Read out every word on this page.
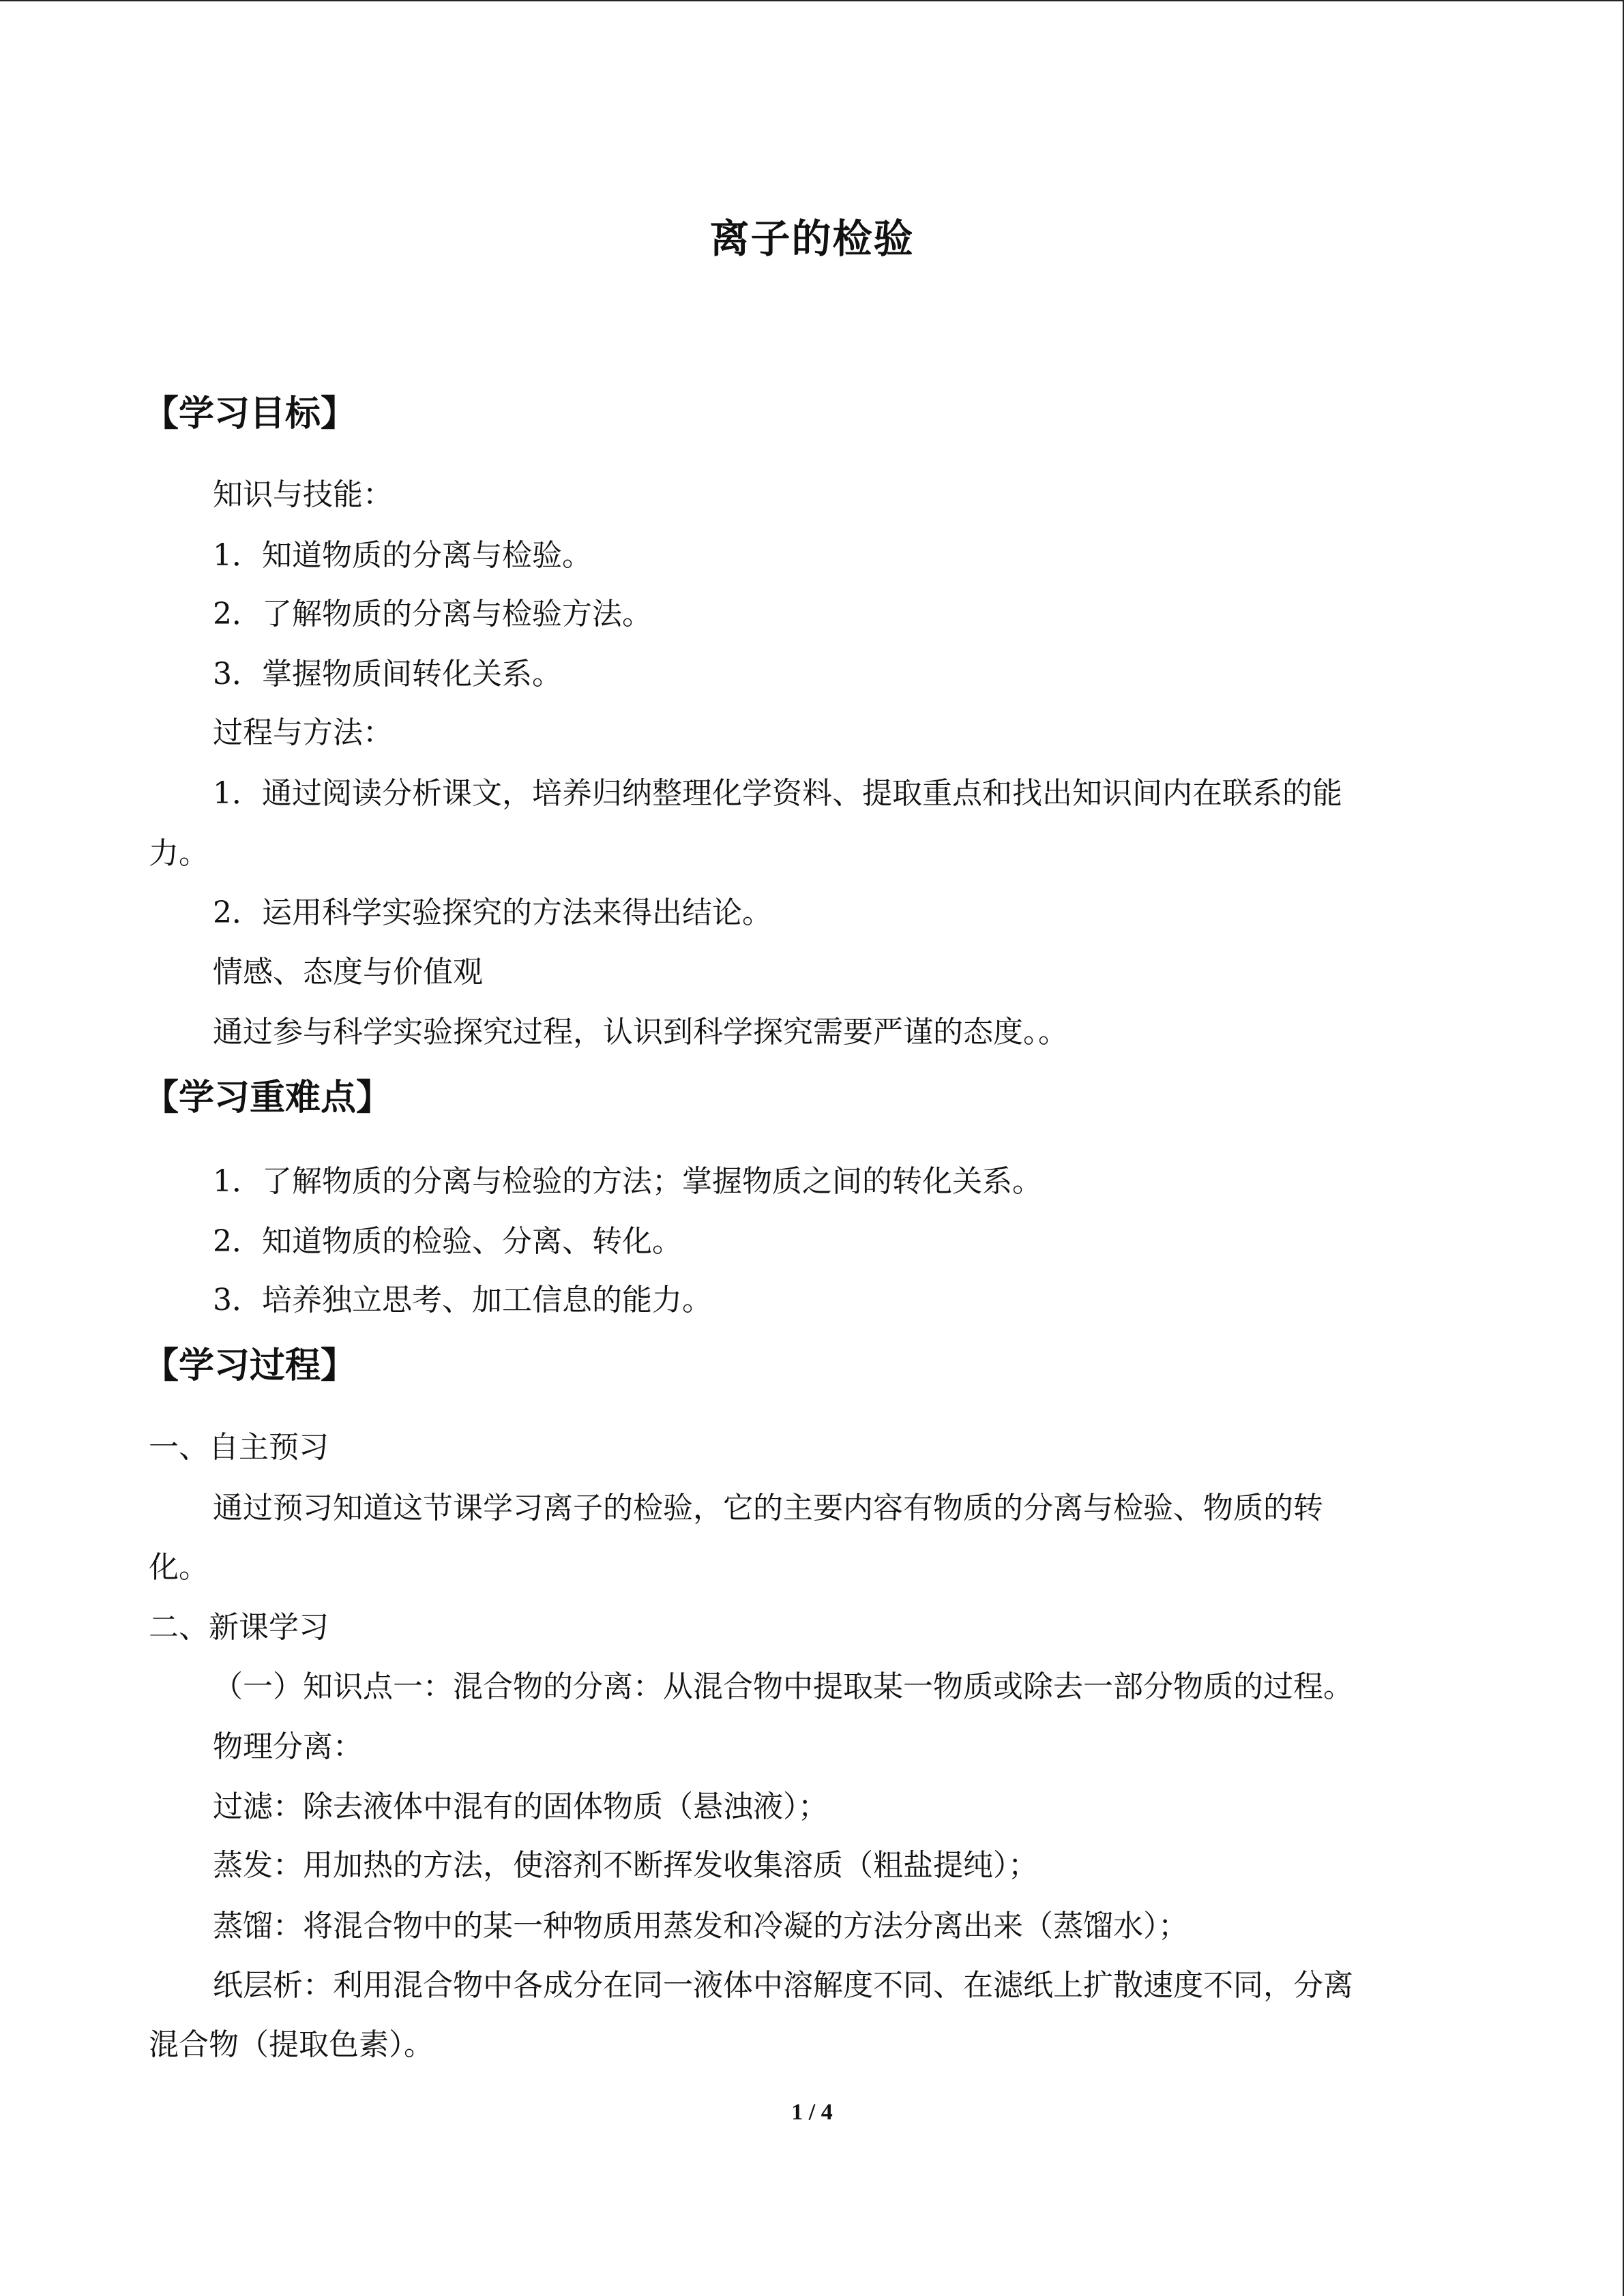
离子的检验
【学习目标】
知识与技能：
1．知道物质的分离与检验。
2．了解物质的分离与检验方法。
3．掌握物质间转化关系。
过程与方法：
1．通过阅读分析课文，培养归纳整理化学资料、提取重点和找出知识间内在联系的能
力。
2．运用科学实验探究的方法来得出结论。
情感、态度与价值观
通过参与科学实验探究过程，认识到科学探究需要严谨的态度。。
【学习重难点】
1．了解物质的分离与检验的方法；掌握物质之间的转化关系。
2．知道物质的检验、分离、转化。
3．培养独立思考、加工信息的能力。
【学习过程】
一、自主预习
通过预习知道这节课学习离子的检验，它的主要内容有物质的分离与检验、物质的转
化。
二、新课学习
（一）知识点一：混合物的分离：从混合物中提取某一物质或除去一部分物质的过程。
物理分离：
过滤：除去液体中混有的固体物质（悬浊液）；
蒸发：用加热的方法，使溶剂不断挥发收集溶质（粗盐提纯）；
蒸馏：将混合物中的某一种物质用蒸发和冷凝的方法分离出来（蒸馏水）；
纸层析：利用混合物中各成分在同一液体中溶解度不同、在滤纸上扩散速度不同，分离
混合物（提取色素）。
1 / 4
